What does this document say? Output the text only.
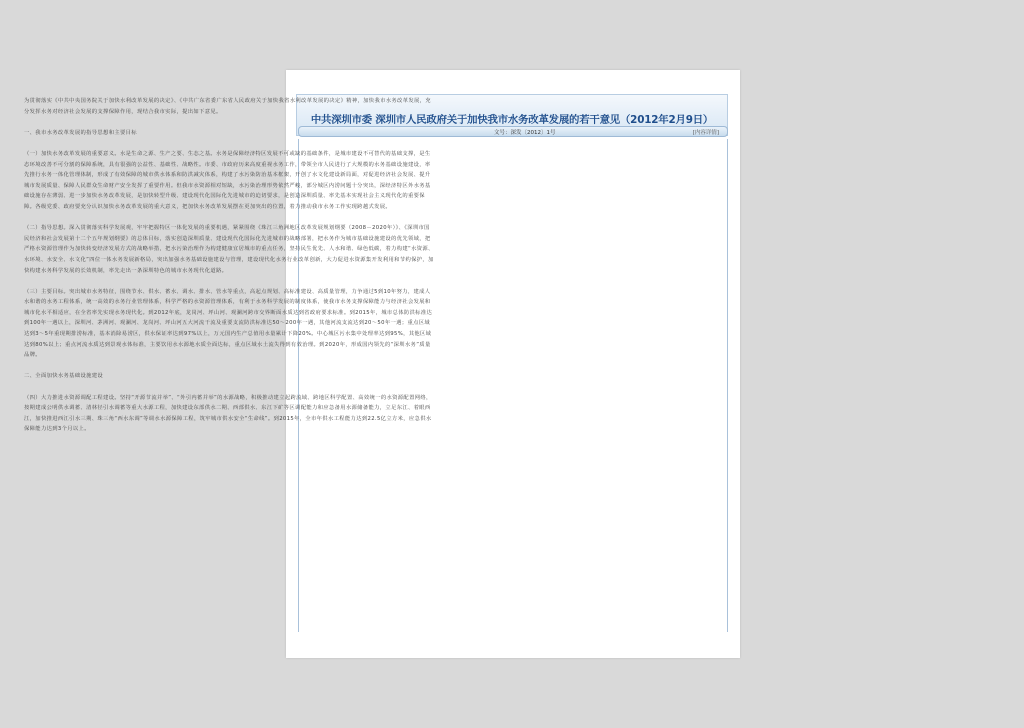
中共深圳市委 深圳市人民政府关于加快我市水务改革发展的若干意见（2012年2月9日）
文号：深发〔2012〕1号	[内容详情]

为贯彻落实《中共中央国务院关于加快水利改革发展的决定》、《中共广东省委广东省人民政府关于加快我省水利改革发展的决定》精神，加快我市水务改革发展，充分发挥水务对经济社会发展的支撑保障作用，现结合我市实际，提出如下意见。

一、我市水务改革发展的指导思想和主要目标

（一）加快水务改革发展的重要意义。水是生命之源、生产之要、生态之基。水务是保障经济特区发展不可或缺的基础条件，是城市建设不可替代的基础支撑，是生态环境改善不可分割的保障系统，具有很强的公益性、基础性、战略性。市委、市政府历来高度重视水务工作，带领全市人民进行了大规模的水务基础设施建设，率先推行水务一体化管理体制，形成了有效保障的城市供水体系和防洪减灾体系，构建了水污染防治基本框架，开创了水文化建设新局面，对促进经济社会发展、提升城市发展质量、保障人民群众生命财产安全发挥了重要作用。但我市水资源相对短缺，水污染治理形势依然严峻，部分城区内涝问题十分突出，深经济特区外水务基础设施存在薄弱、进一步加快水务改革发展，是加快转型升级、建设现代化国际化先进城市的迫切要求，是创造深圳质量、率先基本实现社会主义现代化的重要保障。各级党委、政府要充分认识加快水务改革发展的重大意义，把加快水务改革发展摆在更加突出的位置，着力推动我市水务工作实现跨越式发展。

（二）指导思想。深入贯彻落实科学发展观，牢牢把握特区一体化发展的重要机遇，紧紧围绕《珠江三角洲地区改革发展规划纲要（2008－2020年）》、《深圳市国民经济和社会发展第十二个五年规划纲要》的总体目标，落实创造深圳质量、建设现代化国际化先进城市的战略部署，把水务作为城市基础设施建设的优先领域，把严格水资源管理作为加快转变经济发展方式的战略举措，把水污染治理作为构建健康宜居城市的重点任务，坚持民生优先、人水和谐、绿色低碳，着力构建“水资源、水环境、水安全、水文化”四位一体水务发展新格局，突出加强水务基础设施建设与管理，建设现代化水务行业改革创新，大力促进水资源集开发利用和节约保护，加快构建水务科学发展的长效机制，率先走出一条深圳特色的城市水务现代化道路。

（三）主要目标。突出城市水务特征，围绕节水、供水、蓄水、调水、排水、管水等重点，高起点规划、高标准建设、高质量管理，力争通过5到10年努力，建成人水和谐的水务工程体系，统一高效的水务行业管理体系，科学严格的水资源管理体系，有利于水务科学发展的制度体系，使我市水务支撑保障能力与经济社会发展和城市化水平相适应，在全省率先实现水务现代化。到2012年底，龙岗河、坪山河、观澜河跨市交界断面水质达到省政府要求标准。到2015年，城市总体防洪标准达到100年一遇以上，深圳河、茅洲河、观澜河、龙岗河、坪山河五大河流干流及重要支流防洪标准达50～200年一遇，其他河流支流达到20～50年一遇；重点区域达到3～5年重现期排涝标准，基本消除易涝区，供水保证率达到97%以上，万元国内生产总值用水量累计下降20%。中心城区污水集中处理率达到95%，其他区域达到80%以上；重点河流水质达到景观水体标准，主要饮用水水源地水质全面达标，重点区域水土流失得到有效治理。到2020年，形成国内领先的“深圳水务”质量品牌。

二、全面加快水务基础设施建设

（四）大力推进水资源调配工程建设。坚持“开源节流并举”、“外引内蓄并举”的水源战略，积极推动建立起跨流域、跨地区科学配置、高效统一的水资源配置网络，按期建成公明供水调蓄、清林径引水调蓄等重大水源工程，加快建设东部供水二期、西部供水、东江下矿等区调配能力和应急备用水源储备能力，立足东江、着眼西江，加快推进西江引水三期、珠三角“西水东调”等调水水源保障工程，筑牢城市供水安全“生命线”。到2015年，全市年供水工程能力达到22.5亿立方米，应急供水保障能力达到3个月以上。
